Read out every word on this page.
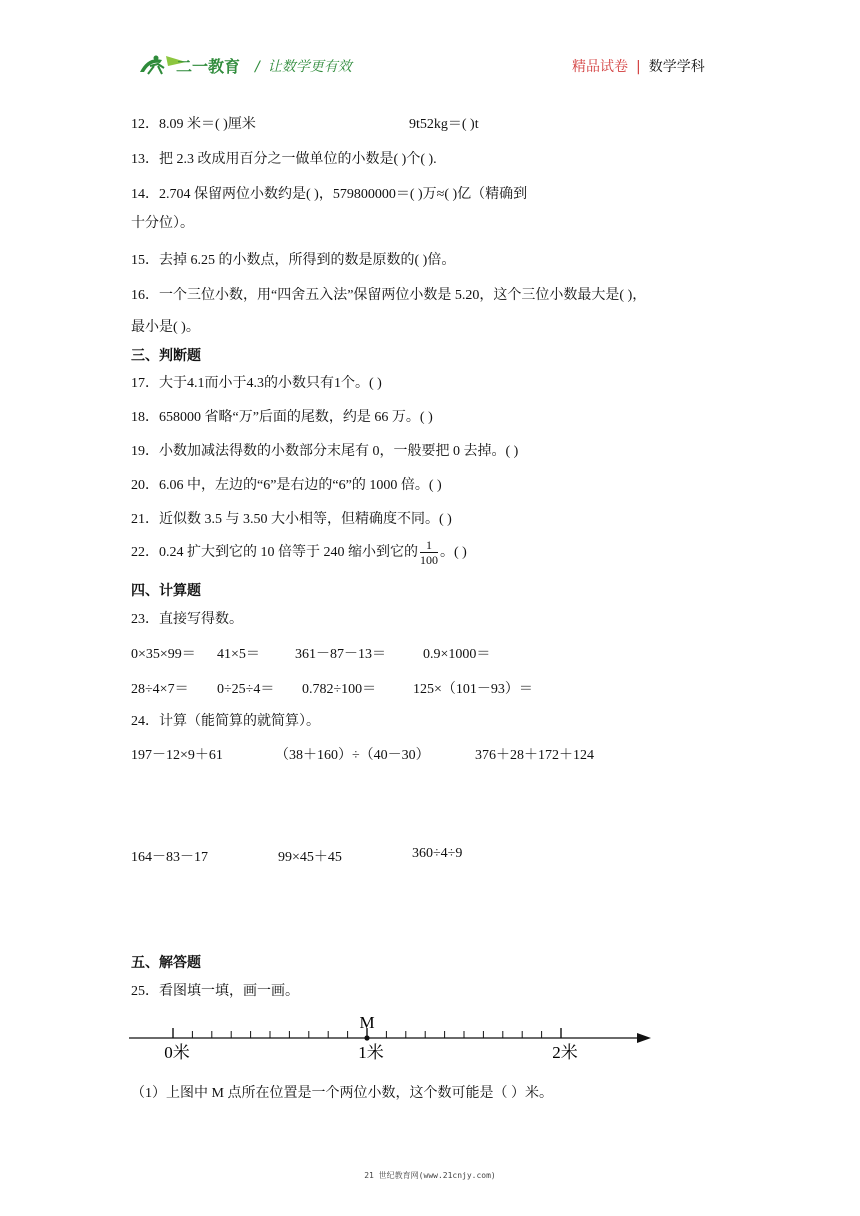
二一教育 / 让数学更有效	精品试卷 | 数学学科
12．8.09 米＝( )厘米	9t52kg＝( )t
13．把 2.3 改成用百分之一做单位的小数是( )个( ).
14．2.704 保留两位小数约是( )，579800000＝( )万≈( )亿（精确到
十分位）。
15．去掉 6.25 的小数点，所得到的数是原数的( )倍。
16．一个三位小数，用“四舍五入法”保留两位小数是 5.20，这个三位小数最大是( )，
最小是( )。
三、判断题
17．大于4.1而小于4.3的小数只有1个。( )
18．658000 省略“万”后面的尾数，约是 66 万。( )
19．小数加减法得数的小数部分末尾有 0，一般要把 0 去掉。( )
20．6.06 中，左边的“6”是右边的“6”的 1000 倍。( )
21．近似数 3.5 与 3.50 大小相等，但精确度不同。( )
22．0.24 扩大到它的 10 倍等于 240 缩小到它的 $\frac{1}{100}$ 。( )
四、计算题
23．直接写得数。
0×35×99＝ 41×5＝	361－87－13＝	0.9×1000＝
28÷4×7＝ 0÷25÷4＝ 0.782÷100＝	125×（101－93）＝
24．计算（能简算的就简算）。
197－12×9＋61	（38＋160）÷（40－30）	376＋28＋172＋124
164－83－17	99×45＋45	360÷4÷9
五、解答题
25．看图填一填，画一画。
M
0米	1米	2米
（1）上图中 M 点所在位置是一个两位小数，这个数可能是（ ）米。
21 世纪教育网(www.21cnjy.com)
